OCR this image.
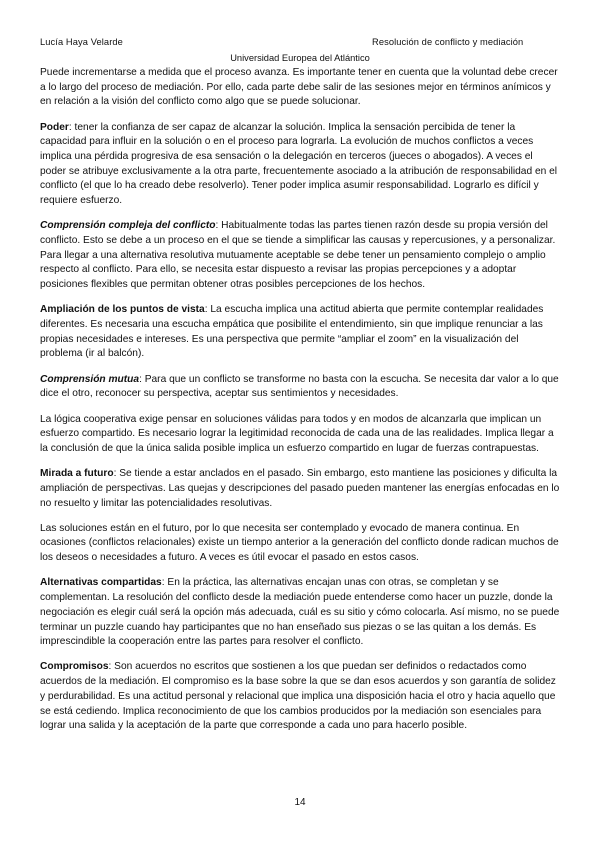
Lucía Haya Velarde	Resolución de conflicto y mediación
Universidad Europea del Atlántico

Puede incrementarse a medida que el proceso avanza. Es importante tener en cuenta que la voluntad debe crecer a lo largo del proceso de mediación. Por ello, cada parte debe salir de las sesiones mejor en términos anímicos y en relación a la visión del conflicto como algo que se puede solucionar.

Poder: tener la confianza de ser capaz de alcanzar la solución. Implica la sensación percibida de tener la capacidad para influir en la solución o en el proceso para lograrla. La evolución de muchos conflictos a veces implica una pérdida progresiva de esa sensación o la delegación en terceros (jueces o abogados). A veces el poder se atribuye exclusivamente a la otra parte, frecuentemente asociado a la atribución de responsabilidad en el conflicto (el que lo ha creado debe resolverlo). Tener poder implica asumir responsabilidad. Lograrlo es difícil y requiere esfuerzo.

Comprensión compleja del conflicto: Habitualmente todas las partes tienen razón desde su propia versión del conflicto. Esto se debe a un proceso en el que se tiende a simplificar las causas y repercusiones, y a personalizar. Para llegar a una alternativa resolutiva mutuamente aceptable se debe tener un pensamiento complejo o amplio respecto al conflicto. Para ello, se necesita estar dispuesto a revisar las propias percepciones y a adoptar posiciones flexibles que permitan obtener otras posibles percepciones de los hechos.

Ampliación de los puntos de vista: La escucha implica una actitud abierta que permite contemplar realidades diferentes. Es necesaria una escucha empática que posibilite el entendimiento, sin que implique renunciar a las propias necesidades e intereses. Es una perspectiva que permite “ampliar el zoom” en la visualización del problema (ir al balcón).

Comprensión mutua: Para que un conflicto se transforme no basta con la escucha. Se necesita dar valor a lo que dice el otro, reconocer su perspectiva, aceptar sus sentimientos y necesidades.

La lógica cooperativa exige pensar en soluciones válidas para todos y en modos de alcanzarla que implican un esfuerzo compartido. Es necesario lograr la legitimidad reconocida de cada una de las realidades. Implica llegar a la conclusión de que la única salida posible implica un esfuerzo compartido en lugar de fuerzas contrapuestas.

Mirada a futuro: Se tiende a estar anclados en el pasado. Sin embargo, esto mantiene las posiciones y dificulta la ampliación de perspectivas. Las quejas y descripciones del pasado pueden mantener las energías enfocadas en lo no resuelto y limitar las potencialidades resolutivas.

Las soluciones están en el futuro, por lo que necesita ser contemplado y evocado de manera continua. En ocasiones (conflictos relacionales) existe un tiempo anterior a la generación del conflicto donde radican muchos de los deseos o necesidades a futuro. A veces es útil evocar el pasado en estos casos.

Alternativas compartidas: En la práctica, las alternativas encajan unas con otras, se completan y se complementan. La resolución del conflicto desde la mediación puede entenderse como hacer un puzzle, donde la negociación es elegir cuál será la opción más adecuada, cuál es su sitio y cómo colocarla. Así mismo, no se puede terminar un puzzle cuando hay participantes que no han enseñado sus piezas o se las quitan a los demás. Es imprescindible la cooperación entre las partes para resolver el conflicto.

Compromisos: Son acuerdos no escritos que sostienen a los que puedan ser definidos o redactados como acuerdos de la mediación. El compromiso es la base sobre la que se dan esos acuerdos y son garantía de solidez y perdurabilidad. Es una actitud personal y relacional que implica una disposición hacia el otro y hacia aquello que se está cediendo. Implica reconocimiento de que los cambios producidos por la mediación son esenciales para lograr una salida y la aceptación de la parte que corresponde a cada uno para hacerlo posible.

14
